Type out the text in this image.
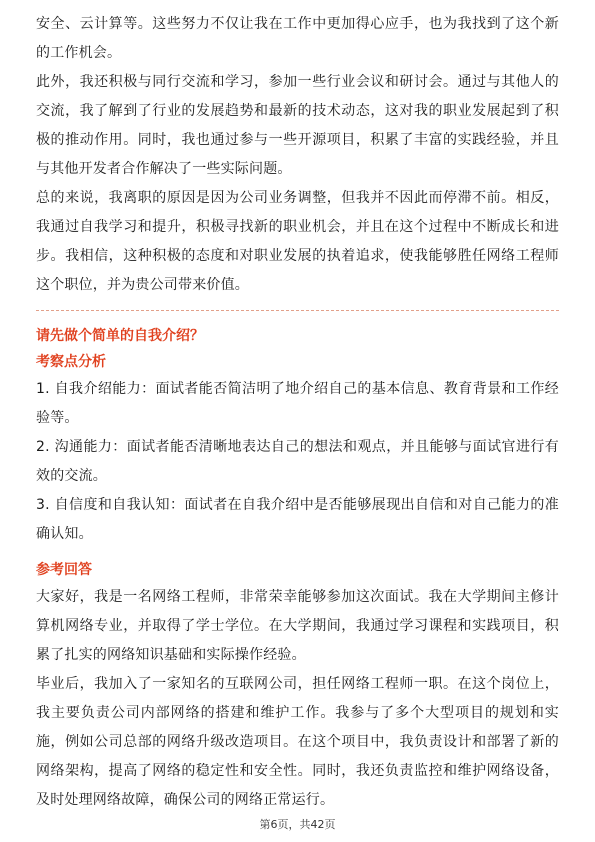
安全、云计算等。这些努力不仅让我在工作中更加得心应手，也为我找到了这个新的工作机会。

此外，我还积极与同行交流和学习，参加一些行业会议和研讨会。通过与其他人的交流，我了解到了行业的发展趋势和最新的技术动态，这对我的职业发展起到了积极的推动作用。同时，我也通过参与一些开源项目，积累了丰富的实践经验，并且与其他开发者合作解决了一些实际问题。

总的来说，我离职的原因是因为公司业务调整，但我并不因此而停滞不前。相反，我通过自我学习和提升，积极寻找新的职业机会，并且在这个过程中不断成长和进步。我相信，这种积极的态度和对职业发展的执着追求，使我能够胜任网络工程师这个职位，并为贵公司带来价值。

请先做个简单的自我介绍？

考察点分析

1. 自我介绍能力：面试者能否简洁明了地介绍自己的基本信息、教育背景和工作经验等。

2. 沟通能力：面试者能否清晰地表达自己的想法和观点，并且能够与面试官进行有效的交流。

3. 自信度和自我认知：面试者在自我介绍中是否能够展现出自信和对自己能力的准确认知。

参考回答

大家好，我是一名网络工程师，非常荣幸能够参加这次面试。我在大学期间主修计算机网络专业，并取得了学士学位。在大学期间，我通过学习课程和实践项目，积累了扎实的网络知识基础和实际操作经验。

毕业后，我加入了一家知名的互联网公司，担任网络工程师一职。在这个岗位上，我主要负责公司内部网络的搭建和维护工作。我参与了多个大型项目的规划和实施，例如公司总部的网络升级改造项目。在这个项目中，我负责设计和部署了新的网络架构，提高了网络的稳定性和安全性。同时，我还负责监控和维护网络设备，及时处理网络故障，确保公司的网络正常运行。

第6页，共42页
